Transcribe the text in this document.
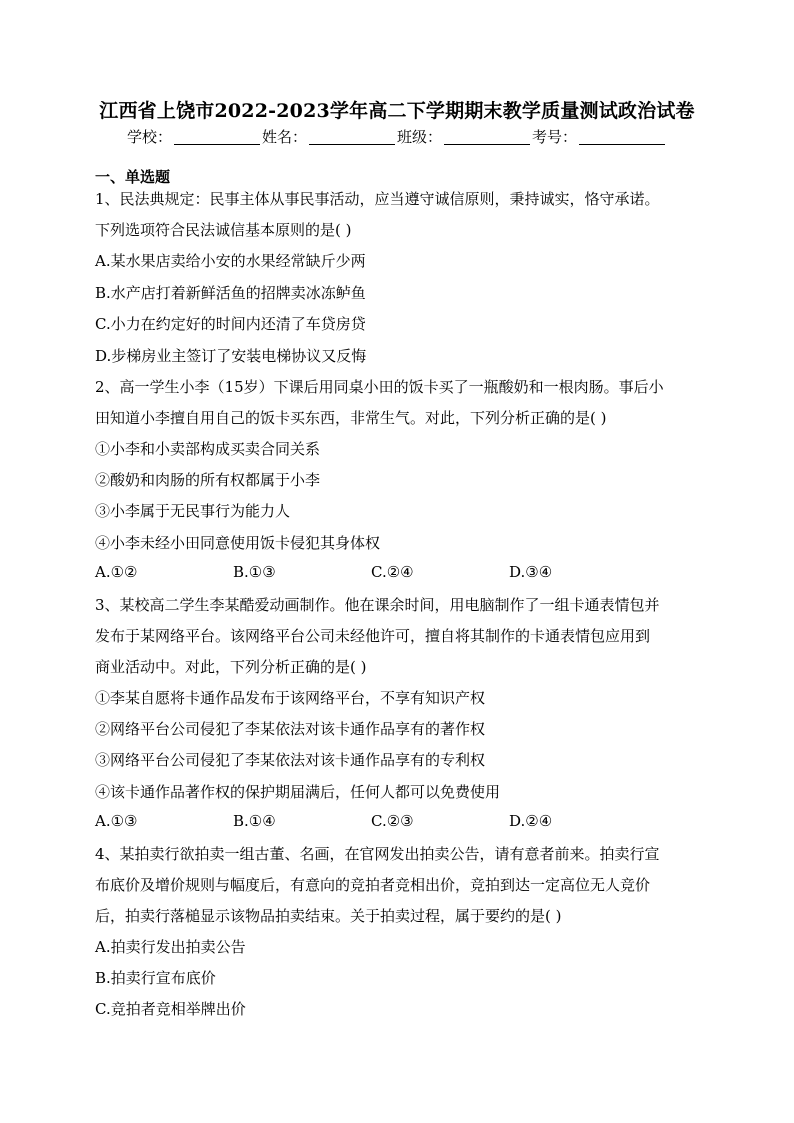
江西省上饶市2022-2023学年高二下学期期末教学质量测试政治试卷
学校：	姓名：	班级：	考号：
一、单选题
1、民法典规定：民事主体从事民事活动，应当遵守诚信原则，秉持诚实，恪守承诺。
下列选项符合民法诚信基本原则的是( )
A.某水果店卖给小安的水果经常缺斤少两
B.水产店打着新鲜活鱼的招牌卖冰冻鲈鱼
C.小力在约定好的时间内还清了车贷房贷
D.步梯房业主签订了安装电梯协议又反悔
2、高一学生小李（15岁）下课后用同桌小田的饭卡买了一瓶酸奶和一根肉肠。事后小
田知道小李擅自用自己的饭卡买东西，非常生气。对此，下列分析正确的是( )
①小李和小卖部构成买卖合同关系
②酸奶和肉肠的所有权都属于小李
③小李属于无民事行为能力人
④小李未经小田同意使用饭卡侵犯其身体权
A.①②	B.①③	C.②④	D.③④
3、某校高二学生李某酷爱动画制作。他在课余时间，用电脑制作了一组卡通表情包并
发布于某网络平台。该网络平台公司未经他许可，擅自将其制作的卡通表情包应用到
商业活动中。对此，下列分析正确的是( )
①李某自愿将卡通作品发布于该网络平台，不享有知识产权
②网络平台公司侵犯了李某依法对该卡通作品享有的著作权
③网络平台公司侵犯了李某依法对该卡通作品享有的专利权
④该卡通作品著作权的保护期届满后，任何人都可以免费使用
A.①③	B.①④	C.②③	D.②④
4、某拍卖行欲拍卖一组古董、名画，在官网发出拍卖公告，请有意者前来。拍卖行宣
布底价及增价规则与幅度后，有意向的竞拍者竞相出价，竞拍到达一定高位无人竞价
后，拍卖行落槌显示该物品拍卖结束。关于拍卖过程，属于要约的是( )
A.拍卖行发出拍卖公告
B.拍卖行宣布底价
C.竞拍者竞相举牌出价
